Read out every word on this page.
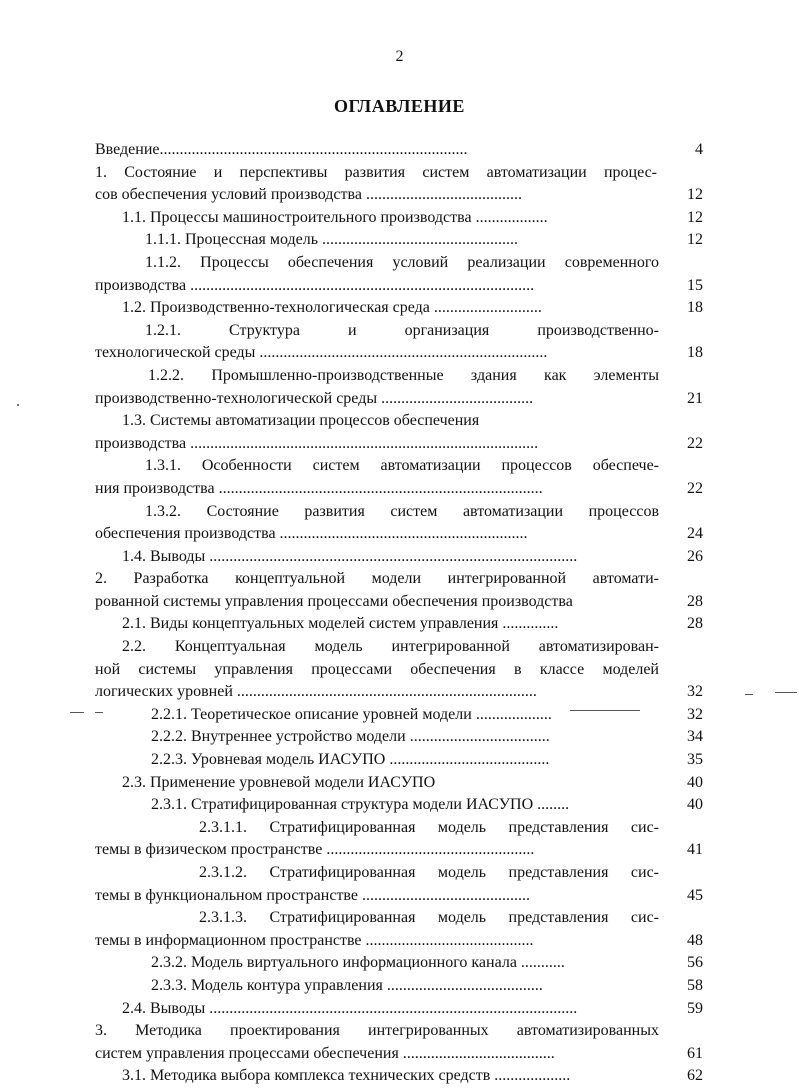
2
ОГЛАВЛЕНИЕ
Введение.............................................................................	4
1. Состояние и перспективы развития систем автоматизации процес-
сов обеспечения условий производства .......................................	12
1.1. Процессы машиностроительного производства ..................	12
1.1.1. Процессная модель .................................................	12
1.1.2. Процессы обеспечения условий реализации современного
производства ......................................................................................	15
1.2. Производственно-технологическая среда ...........................	18
1.2.1.   Структура   и   организация   производственно-
технологической среды ........................................................................	18
1.2.2. Промышленно-производственные здания как элементы
производственно-технологической среды ......................................	21
1.3. Системы автоматизации процессов обеспечения
производства .......................................................................................	22
1.3.1. Особенности систем автоматизации процессов обеспече-
ния производства .................................................................................	22
1.3.2. Состояние развития систем автоматизации процессов
обеспечения производства ..............................................................	24
1.4. Выводы ............................................................................................	26
2. Разработка концептуальной модели интегрированной автомати-
рованной системы управления процессами обеспечения производства	28
2.1. Виды концептуальных моделей систем управления ..............	28
2.2. Концептуальная модель интегрированной автоматизирован-
ной системы управления процессами обеспечения в классе моделей
логических уровней ...........................................................................	32
2.2.1. Теоретическое описание уровней модели ...................	32
2.2.2. Внутреннее устройство модели ...................................	34
2.2.3. Уровневая модель ИАСУПО ........................................	35
2.3. Применение уровневой модели ИАСУПО	40
2.3.1. Стратифицированная структура модели ИАСУПО ........	40
2.3.1.1. Стратифицированная модель представления сис-
темы в физическом пространстве ....................................................	41
2.3.1.2. Стратифицированная модель представления сис-
темы в функциональном пространстве ..........................................	45
2.3.1.3. Стратифицированная модель представления сис-
темы в информационном пространстве ..........................................	48
2.3.2. Модель виртуального информационного канала ...........	56
2.3.3. Модель контура управления .......................................	58
2.4. Выводы ............................................................................................	59
3. Методика проектирования интегрированных автоматизированных
систем управления процессами обеспечения ......................................	61
3.1. Методика выбора комплекса технических средств ...................	62
